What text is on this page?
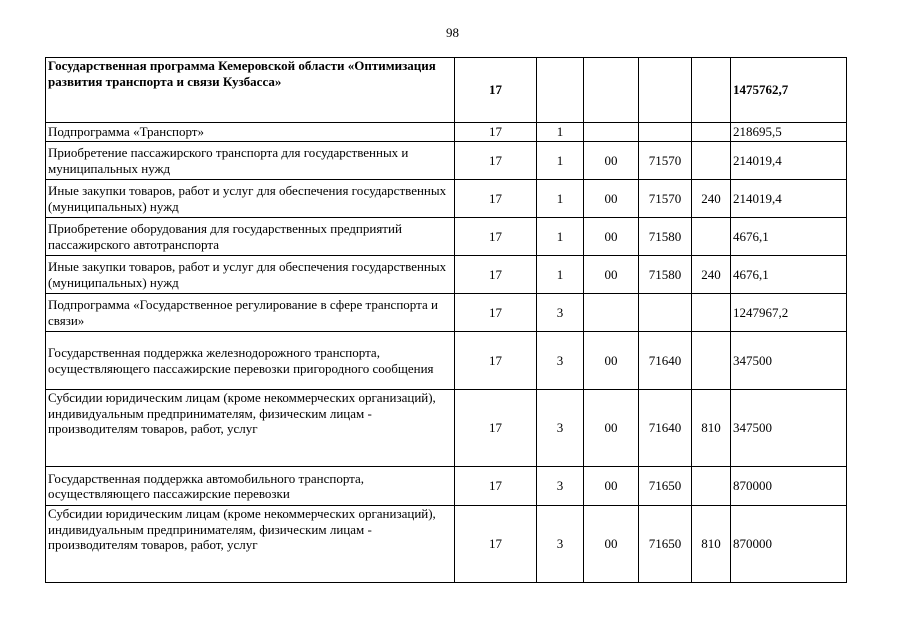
98
Государственная программа Кемеровской области «Оптимизация развития транспорта и связи Кузбасса»	17					1475762,7
Подпрограмма «Транспорт»	17	1				218695,5
Приобретение пассажирского транспорта для государственных и муниципальных нужд	17	1	00	71570		214019,4
Иные закупки товаров, работ и услуг для обеспечения государственных (муниципальных) нужд	17	1	00	71570	240	214019,4
Приобретение оборудования для государственных предприятий пассажирского автотранспорта	17	1	00	71580		4676,1
Иные закупки товаров, работ и услуг для обеспечения государственных (муниципальных) нужд	17	1	00	71580	240	4676,1
Подпрограмма «Государственное регулирование в сфере транспорта и связи»	17	3				1247967,2
Государственная поддержка железнодорожного транспорта, осуществляющего пассажирские перевозки пригородного сообщения	17	3	00	71640		347500
Субсидии юридическим лицам (кроме некоммерческих организаций), индивидуальным предпринимателям, физическим лицам - производителям товаров, работ, услуг	17	3	00	71640	810	347500
Государственная поддержка автомобильного транспорта, осуществляющего пассажирские перевозки	17	3	00	71650		870000
Субсидии юридическим лицам (кроме некоммерческих организаций), индивидуальным предпринимателям, физическим лицам - производителям товаров, работ, услуг	17	3	00	71650	810	870000
